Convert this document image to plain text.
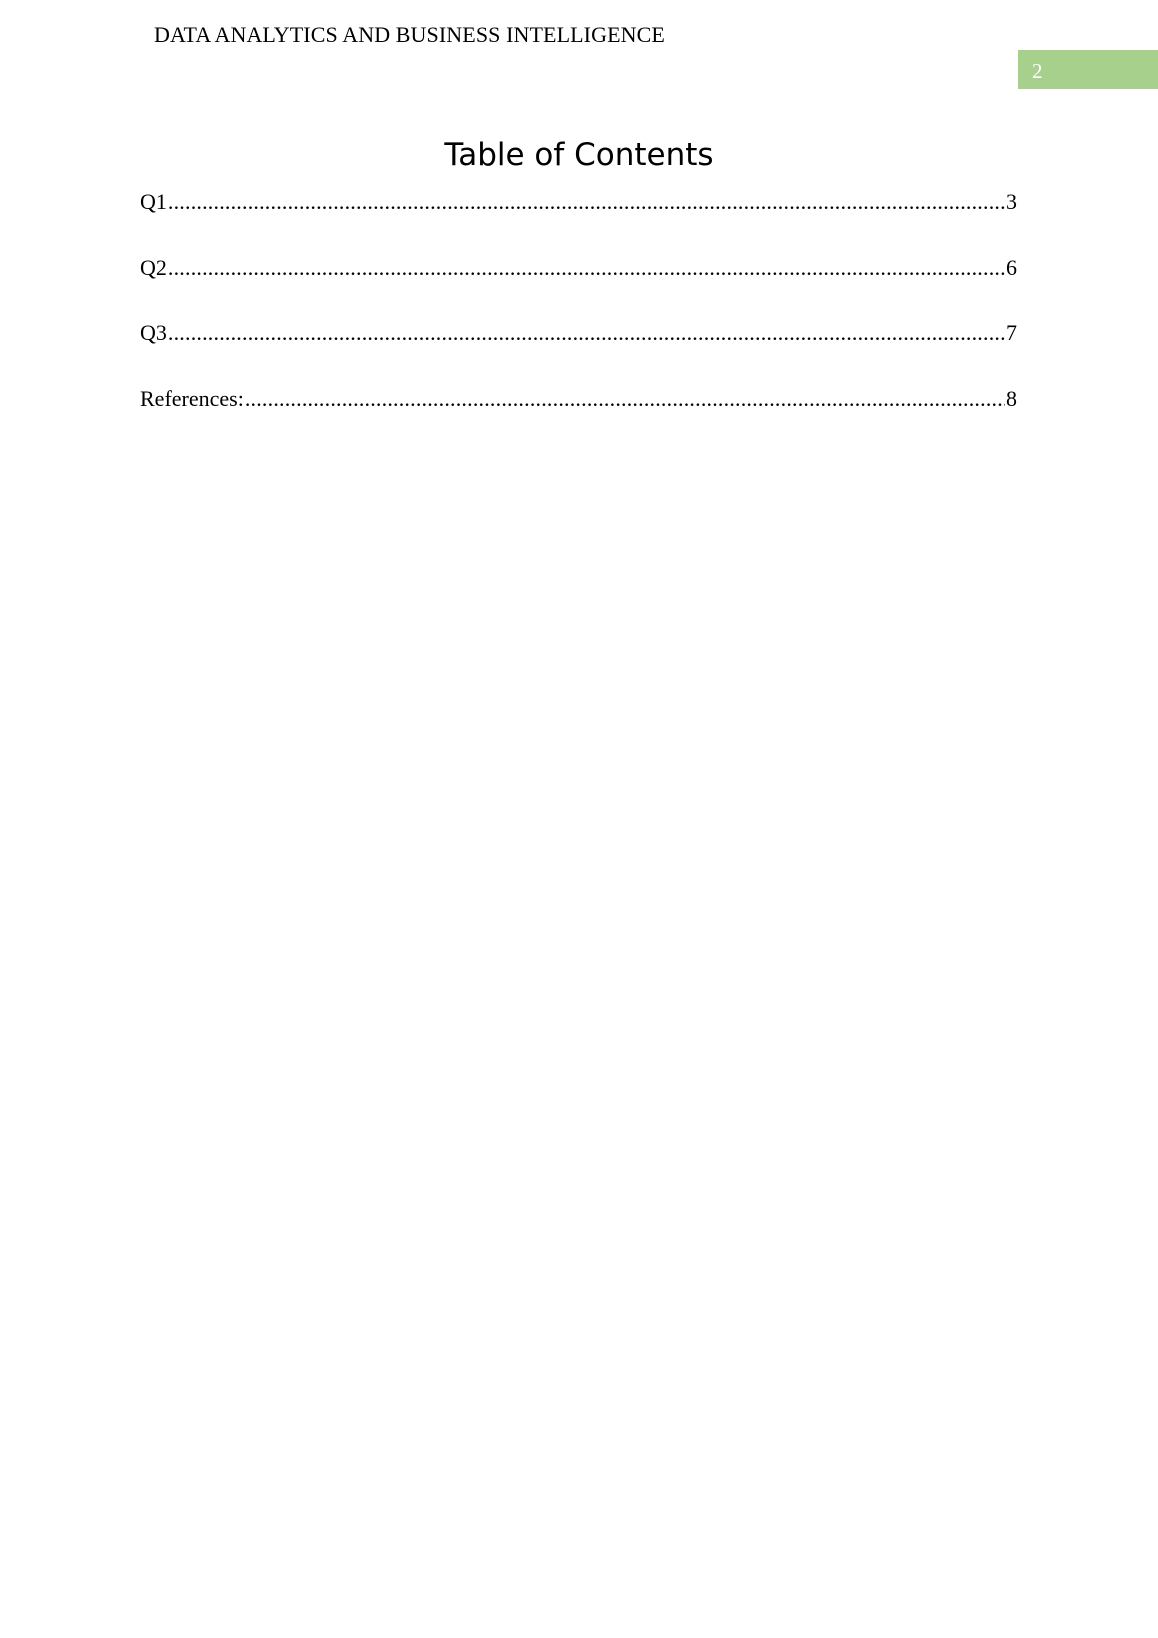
DATA ANALYTICS AND BUSINESS INTELLIGENCE
2
Table of Contents
Q1 .....	3
Q2 .....	6
Q3 .....	7
References: .....	8
